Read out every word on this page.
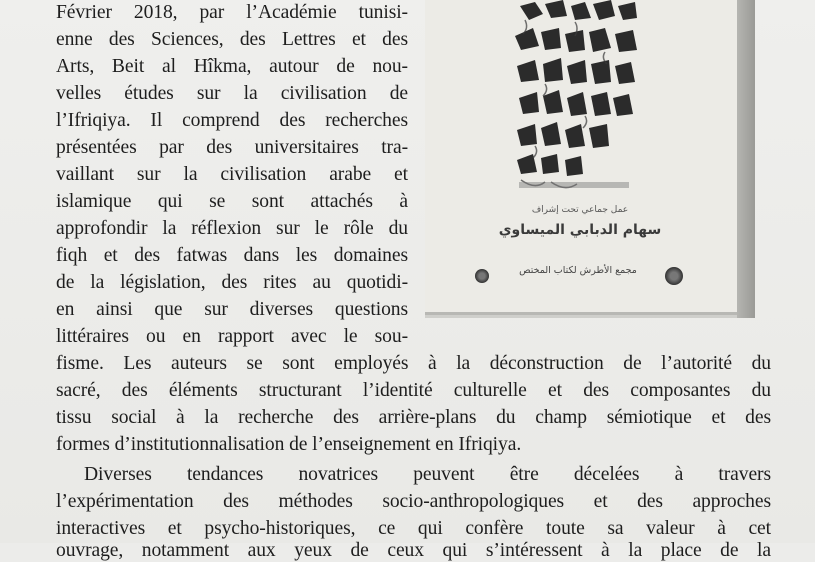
Février 2018, par l’Académie tunisi-
enne des Sciences, des Lettres et des
Arts, Beit al Hîkma, autour de nou-
velles études sur la civilisation de
l’Ifriqiya. Il comprend des recherches
présentées par des universitaires tra-
vaillant sur la civilisation arabe et
islamique qui se sont attachés à
approfondir la réflexion sur le rôle du
fiqh et des fatwas dans les domaines
de la législation, des rites au quotidi-
en ainsi que sur diverses questions
littéraires ou en rapport avec le sou-
fisme. Les auteurs se sont employés à la déconstruction de l’autorité du
sacré, des éléments structurant l’identité culturelle et des composantes du
tissu social à la recherche des arrière-plans du champ sémiotique et des
formes d’institutionnalisation de l’enseignement en Ifriqiya.
Diverses tendances novatrices peuvent être décelées à travers
l’expérimentation des méthodes socio-anthropologiques et des approches
interactives et psycho-historiques, ce qui confère toute sa valeur à cet
ouvrage, notamment aux yeux de ceux qui s’intéressent à la place de la
عمل جماعي تحت إشراف
سهام الدبابي الميساوي
مجمع الأطرش لكتاب المختص
